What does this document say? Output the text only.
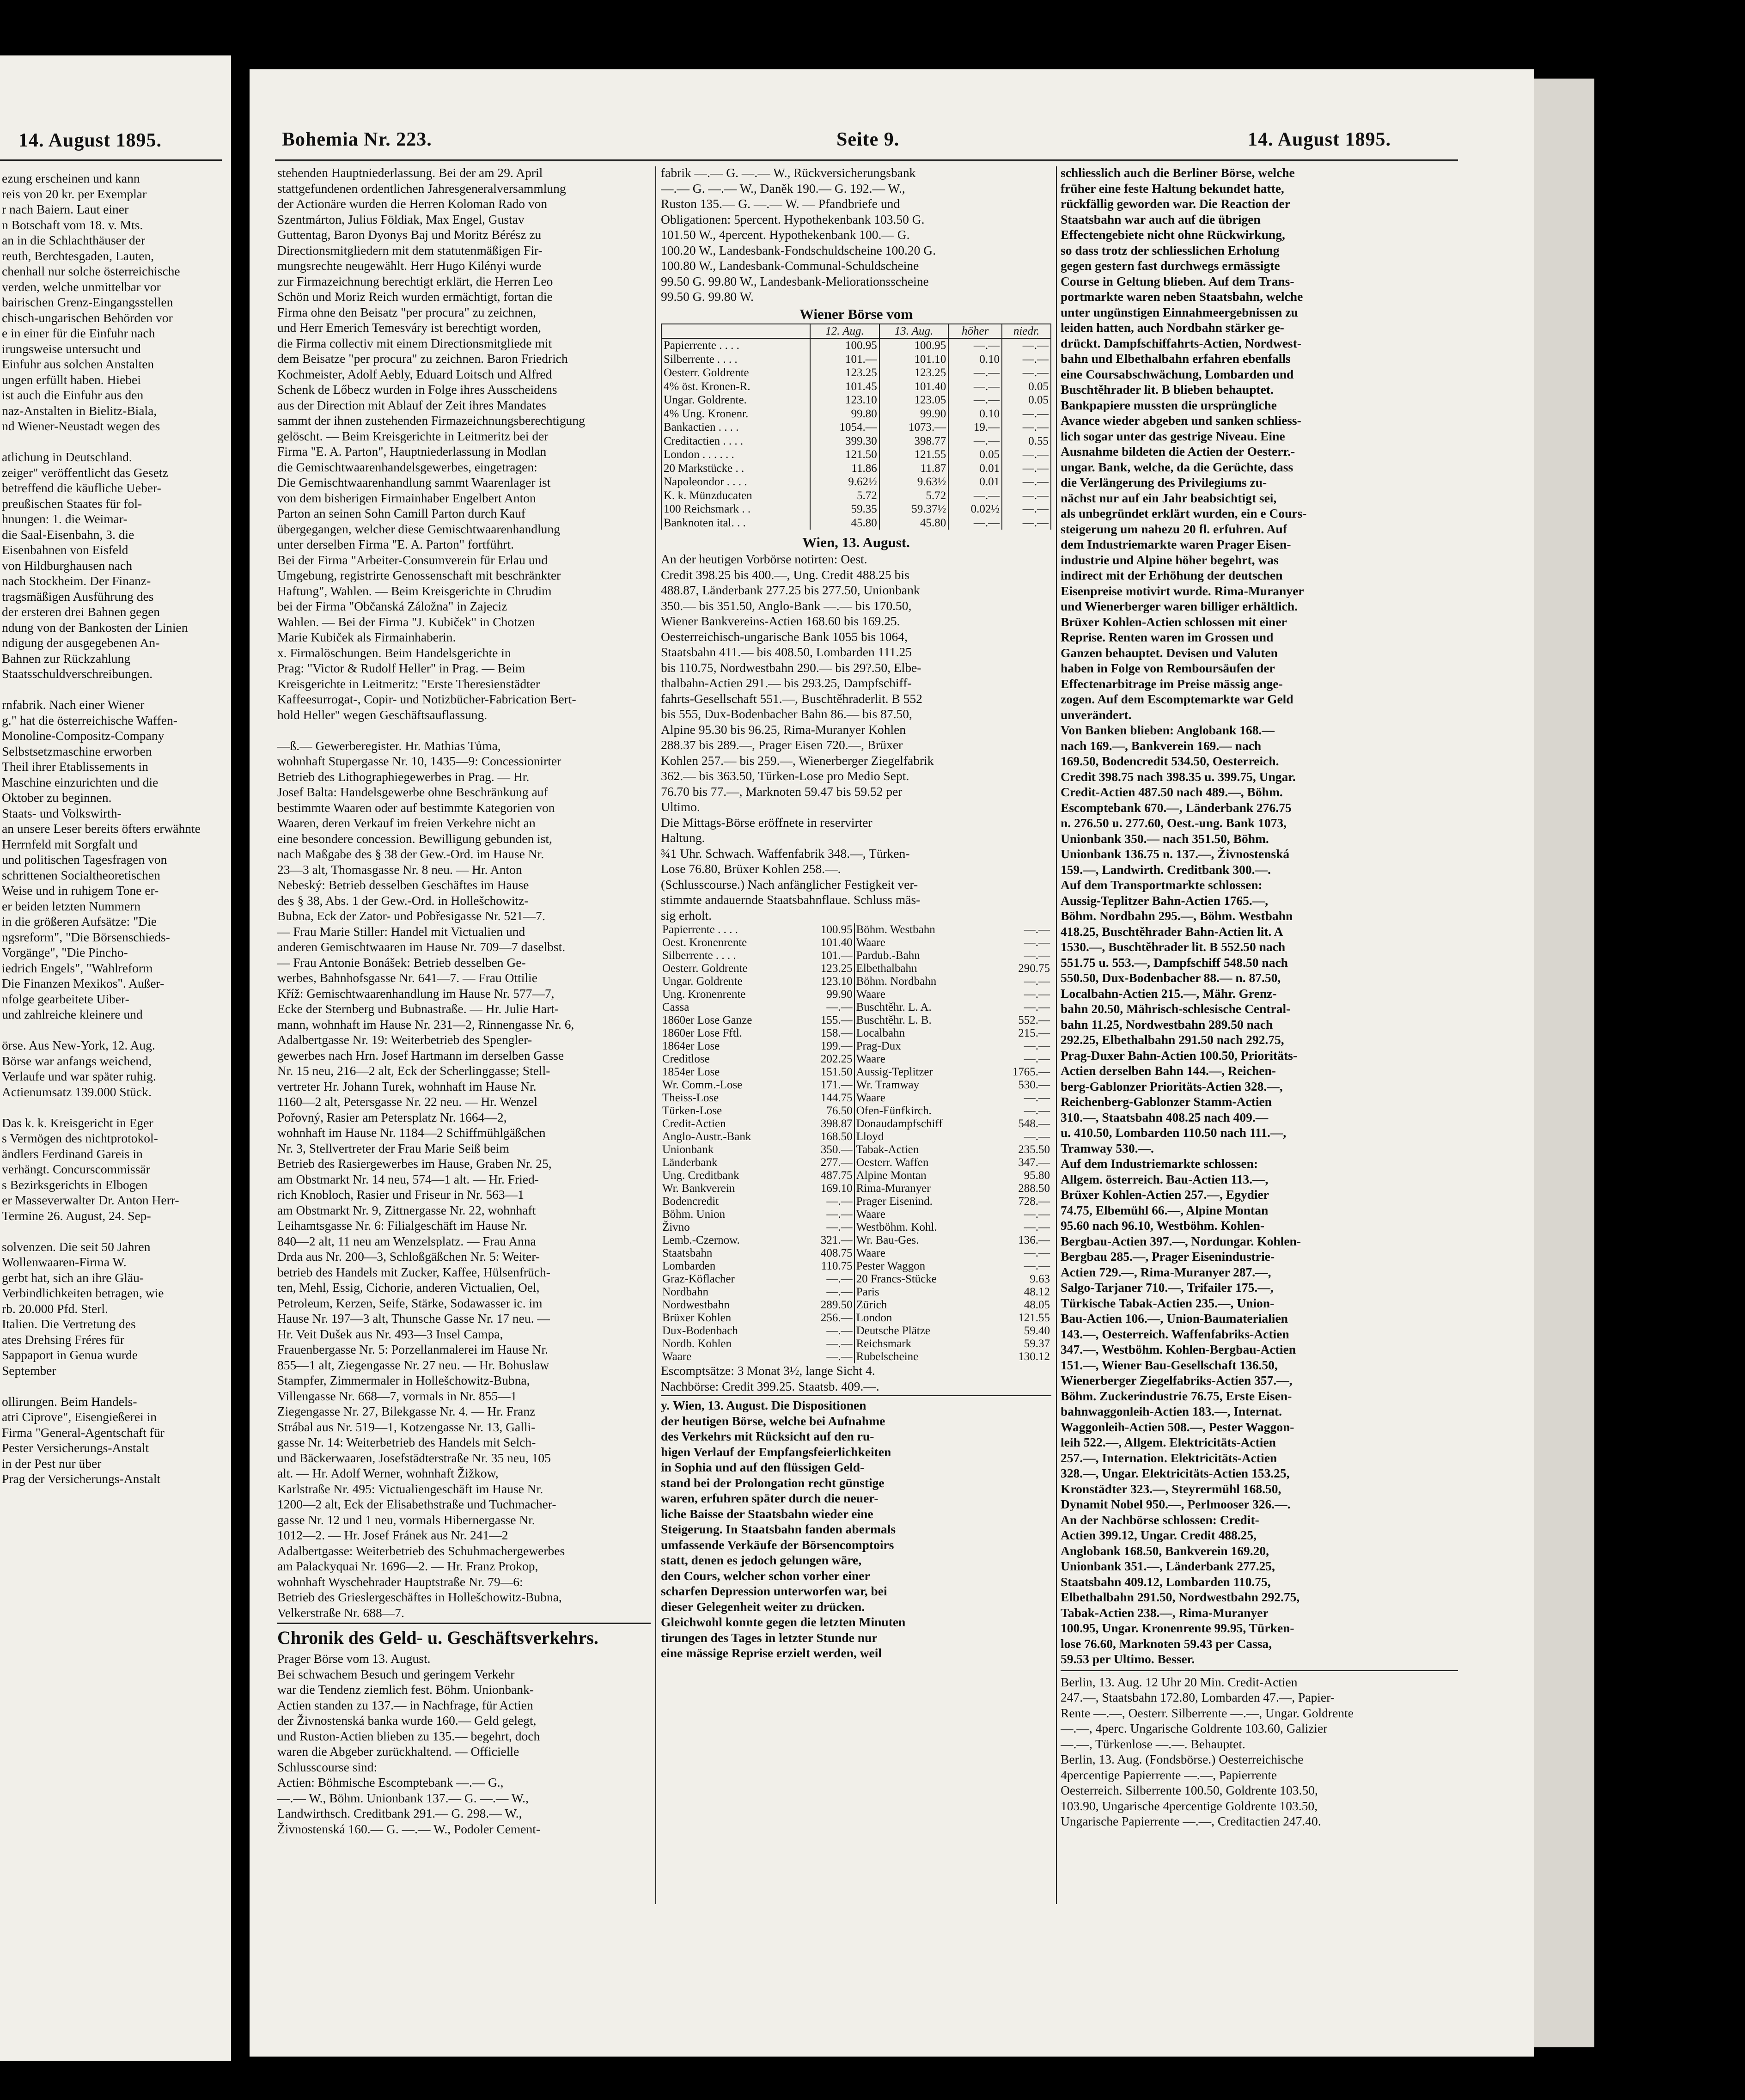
14. August 1895.

ezung erscheinen und kann

reis von 20 kr. per Exemplar

r nach Baiern. Laut einer

n Botschaft vom 18. v. Mts.

an in die Schlachthäuser der

reuth, Berchtesgaden, Lauten,

chenhall nur solche österreichische

verden, welche unmittelbar vor

bairischen Grenz-Eingangsstellen

chisch-ungarischen Behörden vor

e in einer für die Einfuhr nach

irungsweise untersucht und

Einfuhr aus solchen Anstalten

ungen erfüllt haben. Hiebei

ist auch die Einfuhr aus den

naz-Anstalten in Bielitz-Biala,

nd Wiener-Neustadt wegen des

atlichung in Deutschland.

zeiger" veröffentlicht das Gesetz

betreffend die käufliche Ueber-

preußischen Staates für fol-

hnungen: 1. die Weimar-

die Saal-Eisenbahn, 3. die

Eisenbahnen von Eisfeld

von Hildburghausen nach

nach Stockheim. Der Finanz-

tragsmäßigen Ausführung des

der ersteren drei Bahnen gegen

ndung von der Bankosten der Linien

ndigung der ausgegebenen An-

Bahnen zur Rückzahlung

Staatsschuldverschreibungen.

rnfabrik. Nach einer Wiener

g." hat die österreichische Waffen-

Monoline-Compositz-Company

Selbstsetzmaschine erworben

Theil ihrer Etablissements in

Maschine einzurichten und die

Oktober zu beginnen.

Staats- und Volkswirth-

an unsere Leser bereits öfters erwähnte

Herrnfeld mit Sorgfalt und

und politischen Tagesfragen von

schrittenen Socialtheoretischen

Weise und in ruhigem Tone er-

er beiden letzten Nummern

in die größeren Aufsätze: "Die

ngsreform", "Die Börsenschieds-

Vorgänge", "Die Pincho-

iedrich Engels", "Wahlreform

Die Finanzen Mexikos". Außer-

nfolge gearbeitete Uiber-

und zahlreiche kleinere und

örse. Aus New-York, 12. Aug.

Börse war anfangs weichend,

Verlaufe und war später ruhig.

Actienumsatz 139.000 Stück.

Das k. k. Kreisgericht in Eger

s Vermögen des nichtprotokol-

ändlers Ferdinand Gareis in

verhängt. Concurscommissär

s Bezirksgerichts in Elbogen

er Masseverwalter Dr. Anton Herr-

Termine 26. August, 24. Sep-

solvenzen. Die seit 50 Jahren

Wollenwaaren-Firma W.

gerbt hat, sich an ihre Gläu-

Verbindlichkeiten betragen, wie

rb. 20.000 Pfd. Sterl.

Italien. Die Vertretung des

ates Drehsing Fréres für

Sappaport in Genua wurde

September

ollirungen. Beim Handels-

atri Ciprove", Eisengießerei in

Firma "General-Agentschaft für

Pester Versicherungs-Anstalt

in der Pest nur über

Prag der Versicherungs-Anstalt

Bohemia Nr. 223.	Seite 9.	14. August 1895.

stehenden Hauptniederlassung. Bei der am 29. April

stattgefundenen ordentlichen Jahresgeneralversammlung

der Actionäre wurden die Herren Koloman Rado von

Szentmárton, Julius Földiak, Max Engel, Gustav

Guttentag, Baron Dyonys Baj und Moritz Bérész zu

Directionsmitgliedern mit dem statutenmäßigen Fir-

mungsrechte neugewählt. Herr Hugo Kilényi wurde

zur Firmazeichnung berechtigt erklärt, die Herren Leo

Schön und Moriz Reich wurden ermächtigt, fortan die

Firma ohne den Beisatz "per procura" zu zeichnen,

und Herr Emerich Temesváry ist berechtigt worden,

die Firma collectiv mit einem Directionsmitgliede mit

dem Beisatze "per procura" zu zeichnen. Baron Friedrich

Kochmeister, Adolf Aebly, Eduard Loitsch und Alfred

Schenk de Lőbecz wurden in Folge ihres Ausscheidens

aus der Direction mit Ablauf der Zeit ihres Mandates

sammt der ihnen zustehenden Firmazeichnungsberechtigung

gelöscht. — Beim Kreisgerichte in Leitmeritz bei der

Firma "E. A. Parton", Hauptniederlassung in Modlan

die Gemischtwaarenhandelsgewerbes, eingetragen:

Die Gemischtwaarenhandlung sammt Waarenlager ist

von dem bisherigen Firmainhaber Engelbert Anton

Parton an seinen Sohn Camill Parton durch Kauf

übergegangen, welcher diese Gemischtwaarenhandlung

unter derselben Firma "E. A. Parton" fortführt.

Bei der Firma "Arbeiter-Consumverein für Erlau und

Umgebung, registrirte Genossenschaft mit beschränkter

Haftung", Wahlen. — Beim Kreisgerichte in Chrudim

bei der Firma "Občanská Záložna" in Zajeciz

Wahlen. — Bei der Firma "J. Kubiček" in Chotzen

Marie Kubiček als Firmainhaberin.

x. Firmalöschungen. Beim Handelsgerichte in

Prag: "Victor & Rudolf Heller" in Prag. — Beim

Kreisgerichte in Leitmeritz: "Erste Theresienstädter

Kaffeesurrogat-, Copir- und Notizbücher-Fabrication Bert-

hold Heller" wegen Geschäftsauflassung.

—ß.— Gewerberegister. Hr. Mathias Tůma,

wohnhaft Stupergasse Nr. 10, 1435—9: Concessionirter

Betrieb des Lithographiegewerbes in Prag. — Hr.

Josef Balta: Handelsgewerbe ohne Beschränkung auf

bestimmte Waaren oder auf bestimmte Kategorien von

Waaren, deren Verkauf im freien Verkehre nicht an

eine besondere concession. Bewilligung gebunden ist,

nach Maßgabe des § 38 der Gew.-Ord. im Hause Nr.

23—3 alt, Thomasgasse Nr. 8 neu. — Hr. Anton

Nebeský: Betrieb desselben Geschäftes im Hause

des § 38, Abs. 1 der Gew.-Ord. in Hollešchowitz-

Bubna, Eck der Zator- und Pobřesigasse Nr. 521—7.

— Frau Marie Stiller: Handel mit Victualien und

anderen Gemischtwaaren im Hause Nr. 709—7 daselbst.

— Frau Antonie Bonášek: Betrieb desselben Ge-

werbes, Bahnhofsgasse Nr. 641—7. — Frau Ottilie

Kříž: Gemischtwaarenhandlung im Hause Nr. 577—7,

Ecke der Sternberg und Bubnastraße. — Hr. Julie Hart-

mann, wohnhaft im Hause Nr. 231—2, Rinnengasse Nr. 6,

Adalbertgasse Nr. 19: Weiterbetrieb des Spengler-

gewerbes nach Hrn. Josef Hartmann im derselben Gasse

Nr. 15 neu, 216—2 alt, Eck der Scherlinggasse; Stell-

vertreter Hr. Johann Turek, wohnhaft im Hause Nr.

1160—2 alt, Petersgasse Nr. 22 neu. — Hr. Wenzel

Pořovný, Rasier am Petersplatz Nr. 1664—2,

wohnhaft im Hause Nr. 1184—2 Schiffmühlgäßchen

Nr. 3, Stellvertreter der Frau Marie Seiß beim

Betrieb des Rasiergewerbes im Hause, Graben Nr. 25,

am Obstmarkt Nr. 14 neu, 574—1 alt. — Hr. Fried-

rich Knobloch, Rasier und Friseur in Nr. 563—1

am Obstmarkt Nr. 9, Zittnergasse Nr. 22, wohnhaft

Leihamtsgasse Nr. 6: Filialgeschäft im Hause Nr.

840—2 alt, 11 neu am Wenzelsplatz. — Frau Anna

Drda aus Nr. 200—3, Schloßgäßchen Nr. 5: Weiter-

betrieb des Handels mit Zucker, Kaffee, Hülsenfrüch-

ten, Mehl, Essig, Cichorie, anderen Victualien, Oel,

Petroleum, Kerzen, Seife, Stärke, Sodawasser ic. im

Hause Nr. 197—3 alt, Thunsche Gasse Nr. 17 neu. —

Hr. Veit Dušek aus Nr. 493—3 Insel Campa,

Frauenbergasse Nr. 5: Porzellanmalerei im Hause Nr.

855—1 alt, Ziegengasse Nr. 27 neu. — Hr. Bohuslaw

Stampfer, Zimmermaler in Hollešchowitz-Bubna,

Villengasse Nr. 668—7, vormals in Nr. 855—1

Ziegengasse Nr. 27, Bilekgasse Nr. 4. — Hr. Franz

Strábal aus Nr. 519—1, Kotzengasse Nr. 13, Galli-

gasse Nr. 14: Weiterbetrieb des Handels mit Selch-

und Bäckerwaaren, Josefstädterstraße Nr. 35 neu, 105

alt. — Hr. Adolf Werner, wohnhaft Žižkow,

Karlstraße Nr. 495: Victualiengeschäft im Hause Nr.

1200—2 alt, Eck der Elisabethstraße und Tuchmacher-

gasse Nr. 12 und 1 neu, vormals Hibernergasse Nr.

1012—2. — Hr. Josef Fránek aus Nr. 241—2

Adalbertgasse: Weiterbetrieb des Schuhmachergewerbes

am Palackyquai Nr. 1696—2. — Hr. Franz Prokop,

wohnhaft Wyschehrader Hauptstraße Nr. 79—6:

Betrieb des Grieslergeschäftes in Hollešchowitz-Bubna,

Velkerstraße Nr. 688—7.

Chronik des Geld- u. Geschäftsverkehrs.

Prager Börse vom 13. August.

Bei schwachem Besuch und geringem Verkehr

war die Tendenz ziemlich fest. Böhm. Unionbank-

Actien standen zu 137.— in Nachfrage, für Actien

der Živnostenská banka wurde 160.— Geld gelegt,

und Ruston-Actien blieben zu 135.— begehrt, doch

waren die Abgeber zurückhaltend. — Officielle

Schlusscourse sind:

Actien: Böhmische Escomptebank —.— G.,

—.— W., Böhm. Unionbank 137.— G. —.— W.,

Landwirthsch. Creditbank 291.— G. 298.— W.,

Živnostenská 160.— G. —.— W., Podoler Cement-

fabrik —.— G. —.— W., Rückversicherungsbank

—.— G. —.— W., Daněk 190.— G. 192.— W.,

Ruston 135.— G. —.— W. — Pfandbriefe und

Obligationen: 5percent. Hypothekenbank 103.50 G.

101.50 W., 4percent. Hypothekenbank 100.— G.

100.20 W., Landesbank-Fondschuldscheine 100.20 G.

100.80 W., Landesbank-Communal-Schuldscheine

99.50 G. 99.80 W., Landesbank-Meliorationsscheine

99.50 G. 99.80 W.

Wiener Börse vom
	12. Aug.	13. Aug.	höher	niedr.
Papierrente . . . .	100.95	100.95	—.—	—.—
Silberrente . . . .	101.—	101.10	0.10	—.—
Oesterr. Goldrente	123.25	123.25	—.—	—.—
4% öst. Kronen-R.	101.45	101.40	—.—	0.05
Ungar. Goldrente.	123.10	123.05	—.—	0.05
4% Ung. Kronenr.	99.80	99.90	0.10	—.—
Bankactien . . . .	1054.—	1073.—	19.—	—.—
Creditactien . . . .	399.30	398.77	—.—	0.55
London . . . . . .	121.50	121.55	0.05	—.—
20 Markstücke . .	11.86	11.87	0.01	—.—
Napoleondor . . . .	9.62½	9.63½	0.01	—.—
K. k. Münzducaten	5.72	5.72	—.—	—.—
100 Reichsmark . .	59.35	59.37½	0.02½	—.—
Banknoten ital. . .	45.80	45.80	—.—	—.—
Wien, 13. August.

An der heutigen Vorbörse notirten: Oest.

Credit 398.25 bis 400.—, Ung. Credit 488.25 bis

488.87, Länderbank 277.25 bis 277.50, Unionbank

350.— bis 351.50, Anglo-Bank —.— bis 170.50,

Wiener Bankvereins-Actien 168.60 bis 169.25.

Oesterreichisch-ungarische Bank 1055 bis 1064,

Staatsbahn 411.— bis 408.50, Lombarden 111.25

bis 110.75, Nordwestbahn 290.— bis 29?.50, Elbe-

thalbahn-Actien 291.— bis 293.25, Dampfschiff-

fahrts-Gesellschaft 551.—, Buschtěhraderlit. B 552

bis 555, Dux-Bodenbacher Bahn 86.— bis 87.50,

Alpine 95.30 bis 96.25, Rima-Muranyer Kohlen

288.37 bis 289.—, Prager Eisen 720.—, Brüxer

Kohlen 257.— bis 259.—, Wienerberger Ziegelfabrik

362.— bis 363.50, Türken-Lose pro Medio Sept.

76.70 bis 77.—, Marknoten 59.47 bis 59.52 per

Ultimo.

Die Mittags-Börse eröffnete in reservirter

Haltung.

¾1 Uhr. Schwach. Waffenfabrik 348.—, Türken-

Lose 76.80, Brüxer Kohlen 258.—.

(Schlusscourse.) Nach anfänglicher Festigkeit ver-

stimmte andauernde Staatsbahnflaue. Schluss mäs-

sig erholt.

Papierrente . . . .	100.95	Böhm. Westbahn	—.—
Oest. Kronenrente	101.40	Waare	—.—
Silberrente . . . .	101.—	Pardub.-Bahn	—.—
Oesterr. Goldrente	123.25	Elbethalbahn	290.75
Ungar. Goldrente	123.10	Böhm. Nordbahn	—.—
Ung. Kronenrente	99.90	Waare	—.—
Cassa	—.—	Buschtěhr. L. A.	—.—
1860er Lose Ganze	155.—	Buschtěhr. L. B.	552.—
1860er Lose Fftl.	158.—	Localbahn	215.—
1864er Lose	199.—	Prag-Dux	—.—
Creditlose	202.25	Waare	—.—
1854er Lose	151.50	Aussig-Teplitzer	1765.—
Wr. Comm.-Lose	171.—	Wr. Tramway	530.—
Theiss-Lose	144.75	Waare	—.—
Türken-Lose	76.50	Ofen-Fünfkirch.	—.—
Credit-Actien	398.87	Donaudampfschiff	548.—
Anglo-Austr.-Bank	168.50	Lloyd	—.—
Unionbank	350.—	Tabak-Actien	235.50
Länderbank	277.—	Oesterr. Waffen	347.—
Ung. Creditbank	487.75	Alpine Montan	95.80
Wr. Bankverein	169.10	Rima-Muranyer	288.50
Bodencredit	—.—	Prager Eisenind.	728.—
Böhm. Union	—.—	Waare	—.—
Živno	—.—	Westböhm. Kohl.	—.—
Lemb.-Czernow.	321.—	Wr. Bau-Ges.	136.—
Staatsbahn	408.75	Waare	—.—
Lombarden	110.75	Pester Waggon	—.—
Graz-Köflacher	—.—	20 Francs-Stücke	9.63
Nordbahn	—.—	Paris	48.12
Nordwestbahn	289.50	Zürich	48.05
Brüxer Kohlen	256.—	London	121.55
Dux-Bodenbach	—.—	Deutsche Plätze	59.40
Nordb. Kohlen	—.—	Reichsmark	59.37
Waare	—.—	Rubelscheine	130.12

Escomptsätze: 3 Monat 3½, lange Sicht 4.

Nachbörse: Credit 399.25. Staatsb. 409.—.

y. Wien, 13. August. Die Dispositionen

der heutigen Börse, welche bei Aufnahme

des Verkehrs mit Rücksicht auf den ru-

higen Verlauf der Empfangsfeierlichkeiten

in Sophia und auf den flüssigen Geld-

stand bei der Prolongation recht günstige

waren, erfuhren später durch die neuer-

liche Baisse der Staatsbahn wieder eine

Steigerung. In Staatsbahn fanden abermals

umfassende Verkäufe der Börsencomptoirs

statt, denen es jedoch gelungen wäre,

den Cours, welcher schon vorher einer

scharfen Depression unterworfen war, bei

dieser Gelegenheit weiter zu drücken.

Gleichwohl konnte gegen die letzten Minuten

tirungen des Tages in letzter Stunde nur

eine mässige Reprise erzielt werden, weil

schliesslich auch die Berliner Börse, welche

früher eine feste Haltung bekundet hatte,

rückfällig geworden war. Die Reaction der

Staatsbahn war auch auf die übrigen

Effectengebiete nicht ohne Rückwirkung,

so dass trotz der schliesslichen Erholung

gegen gestern fast durchwegs ermässigte

Course in Geltung blieben. Auf dem Trans-

portmarkte waren neben Staatsbahn, welche

unter ungünstigen Einnahmeergebnissen zu

leiden hatten, auch Nordbahn stärker ge-

drückt. Dampfschiffahrts-Actien, Nordwest-

bahn und Elbethalbahn erfahren ebenfalls

eine Coursabschwächung, Lombarden und

Buschtěhrader lit. B blieben behauptet.

Bankpapiere mussten die ursprüngliche

Avance wieder abgeben und sanken schliess-

lich sogar unter das gestrige Niveau. Eine

Ausnahme bildeten die Actien der Oesterr.-

ungar. Bank, welche, da die Gerüchte, dass

die Verlängerung des Privilegiums zu-

nächst nur auf ein Jahr beabsichtigt sei,

als unbegründet erklärt wurden, ein e Cours-

steigerung um nahezu 20 fl. erfuhren. Auf

dem Industriemarkte waren Prager Eisen-

industrie und Alpine höher begehrt, was

indirect mit der Erhöhung der deutschen

Eisenpreise motivirt wurde. Rima-Muranyer

und Wienerberger waren billiger erhältlich.

Brüxer Kohlen-Actien schlossen mit einer

Reprise. Renten waren im Grossen und

Ganzen behauptet. Devisen und Valuten

haben in Folge von Remboursäufen der

Effectenarbitrage im Preise mässig ange-

zogen. Auf dem Escomptemarkte war Geld

unverändert.

Von Banken blieben: Anglobank 168.—

nach 169.—, Bankverein 169.— nach

169.50, Bodencredit 534.50, Oesterreich.

Credit 398.75 nach 398.35 u. 399.75, Ungar.

Credit-Actien 487.50 nach 489.—, Böhm.

Escomptebank 670.—, Länderbank 276.75

n. 276.50 u. 277.60, Oest.-ung. Bank 1073,

Unionbank 350.— nach 351.50, Böhm.

Unionbank 136.75 n. 137.—, Živnostenská

159.—, Landwirth. Creditbank 300.—.

Auf dem Transportmarkte schlossen:

Aussig-Teplitzer Bahn-Actien 1765.—,

Böhm. Nordbahn 295.—, Böhm. Westbahn

418.25, Buschtěhrader Bahn-Actien lit. A

1530.—, Buschtěhrader lit. B 552.50 nach

551.75 u. 553.—, Dampfschiff 548.50 nach

550.50, Dux-Bodenbacher 88.— n. 87.50,

Localbahn-Actien 215.—, Mähr. Grenz-

bahn 20.50, Mährisch-schlesische Central-

bahn 11.25, Nordwestbahn 289.50 nach

292.25, Elbethalbahn 291.50 nach 292.75,

Prag-Duxer Bahn-Actien 100.50, Prioritäts-

Actien derselben Bahn 144.—, Reichen-

berg-Gablonzer Prioritäts-Actien 328.—,

Reichenberg-Gablonzer Stamm-Actien

310.—, Staatsbahn 408.25 nach 409.—

u. 410.50, Lombarden 110.50 nach 111.—,

Tramway 530.—.

Auf dem Industriemarkte schlossen:

Allgem. österreich. Bau-Actien 113.—,

Brüxer Kohlen-Actien 257.—, Egydier

74.75, Elbemühl 66.—, Alpine Montan

95.60 nach 96.10, Westböhm. Kohlen-

Bergbau-Actien 397.—, Nordungar. Kohlen-

Bergbau 285.—, Prager Eisenindustrie-

Actien 729.—, Rima-Muranyer 287.—,

Salgo-Tarjaner 710.—, Trifailer 175.—,

Türkische Tabak-Actien 235.—, Union-

Bau-Actien 106.—, Union-Baumaterialien

143.—, Oesterreich. Waffenfabriks-Actien

347.—, Westböhm. Kohlen-Bergbau-Actien

151.—, Wiener Bau-Gesellschaft 136.50,

Wienerberger Ziegelfabriks-Actien 357.—,

Böhm. Zuckerindustrie 76.75, Erste Eisen-

bahnwaggonleih-Actien 183.—, Internat.

Waggonleih-Actien 508.—, Pester Waggon-

leih 522.—, Allgem. Elektricitäts-Actien

257.—, Internation. Elektricitäts-Actien

328.—, Ungar. Elektricitäts-Actien 153.25,

Kronstädter 323.—, Steyrermühl 168.50,

Dynamit Nobel 950.—, Perlmooser 326.—.

An der Nachbörse schlossen: Credit-

Actien 399.12, Ungar. Credit 488.25,

Anglobank 168.50, Bankverein 169.20,

Unionbank 351.—, Länderbank 277.25,

Staatsbahn 409.12, Lombarden 110.75,

Elbethalbahn 291.50, Nordwestbahn 292.75,

Tabak-Actien 238.—, Rima-Muranyer

100.95, Ungar. Kronenrente 99.95, Türken-

lose 76.60, Marknoten 59.43 per Cassa,

59.53 per Ultimo. Besser.

Berlin, 13. Aug. 12 Uhr 20 Min. Credit-Actien

247.—, Staatsbahn 172.80, Lombarden 47.—, Papier-

Rente —.—, Oesterr. Silberrente —.—, Ungar. Goldrente

—.—, 4perc. Ungarische Goldrente 103.60, Galizier

—.—, Türkenlose —.—. Behauptet.

Berlin, 13. Aug. (Fondsbörse.) Oesterreichische

4percentige Papierrente —.—, Papierrente

Oesterreich. Silberrente 100.50, Goldrente 103.50,

103.90, Ungarische 4percentige Goldrente 103.50,

Ungarische Papierrente —.—, Creditactien 247.40.
